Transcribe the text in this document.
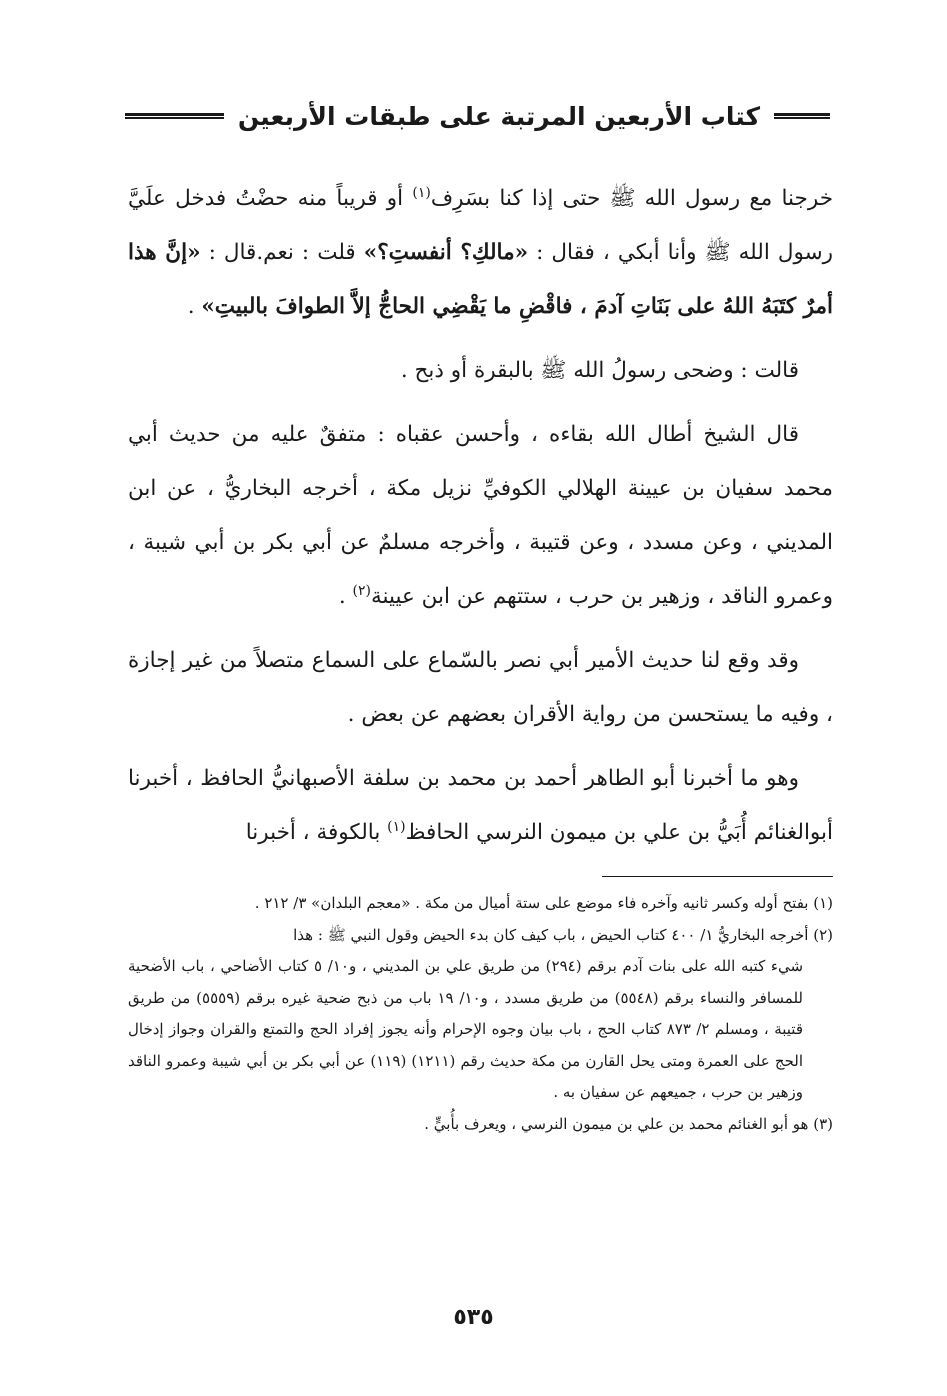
كتاب الأربعين المرتبة على طبقات الأربعين

خرجنا مع رسول الله ﷺ حتى إذا كنا بسَرِف$^{(١)}$ أو قريباً منه حضْتُ فدخل علَيَّ رسول الله ﷺ وأنا أبكي ، فقال : «مالكِ؟ أنفستِ؟» قلت : نعم.قال : «إنَّ هذا أمرٌ كتَبَهُ اللهُ على بَنَاتِ آدمَ ، فاقْضِ ما يَقْضِي الحاجُّ إلاَّ الطوافَ بالبيتِ» .

قالت : وضحى رسولُ الله ﷺ بالبقرة أو ذبح .

قال الشيخ أطال الله بقاءه ، وأحسن عقباه : متفقٌ عليه من حديث أبي محمد سفيان بن عيينة الهلالي الكوفيِّ نزيل مكة ، أخرجه البخاريُّ ، عن ابن المديني ، وعن مسدد ، وعن قتيبة ، وأخرجه مسلمٌ عن أبي بكر بن أبي شيبة ، وعمرو الناقد ، وزهير بن حرب ، ستتهم عن ابن عيينة$^{(٢)}$ .

وقد وقع لنا حديث الأمير أبي نصر بالسّماع على السماع متصلاً من غير إجازة ، وفيه ما يستحسن من رواية الأقران بعضهم عن بعض .

وهو ما أخبرنا أبو الطاهر أحمد بن محمد بن سلفة الأصبهانيُّ الحافظ ، أخبرنا أبوالغنائم أُبَيُّ بن علي بن ميمون النرسي الحافظ$^{(١)}$ بالكوفة ، أخبرنا

(١) بفتح أوله وكسر ثانيه وآخره فاء موضع على ستة أميال من مكة . «معجم البلدان» ٣/ ٢١٢ .

(٢) أخرجه البخاريُّ ١/ ٤٠٠ كتاب الحيض ، باب كيف كان بدء الحيض وقول النبي ﷺ : هذا

شيء كتبه الله على بنات آدم برقم (٢٩٤) من طريق علي بن المديني ، و١٠/ ٥ كتاب الأضاحي ، باب الأضحية للمسافر والنساء برقم (٥٥٤٨) من طريق مسدد ، و١٠/ ١٩ باب من ذبح ضحية غيره برقم (٥٥٥٩) من طريق قتيبة ، ومسلم ٢/ ٨٧٣ كتاب الحج ، باب بيان وجوه الإحرام وأنه يجوز إفراد الحج والتمتع والقران وجواز إدخال الحج على العمرة ومتى يحل القارن من مكة حديث رقم (١٢١١) (١١٩) عن أبي بكر بن أبي شيبة وعمرو الناقد وزهير بن حرب ، جميعهم عن سفيان به .

(٣) هو أبو الغنائم محمد بن علي بن ميمون النرسي ، ويعرف بأُبيٍّ .

٥٣٥
